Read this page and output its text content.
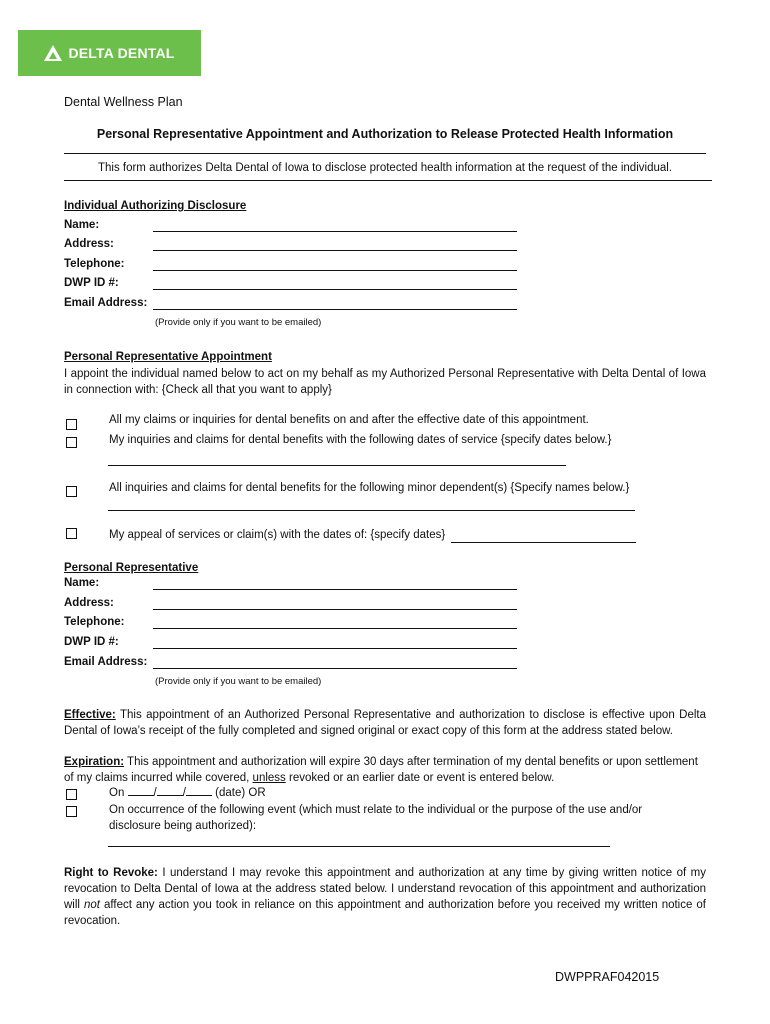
DELTA DENTAL
Dental Wellness Plan
Personal Representative Appointment and Authorization to Release Protected Health Information
This form authorizes Delta Dental of Iowa to disclose protected health information at the request of the individual.
Individual Authorizing Disclosure
Name:
Address:
Telephone:
DWP ID #:
Email Address:
(Provide only if you want to be emailed)
Personal Representative Appointment
I appoint the individual named below to act on my behalf as my Authorized Personal Representative with Delta Dental of Iowa in connection with: {Check all that you want to apply}
All my claims or inquiries for dental benefits on and after the effective date of this appointment.
My inquiries and claims for dental benefits with the following dates of service {specify dates below.}
All inquiries and claims for dental benefits for the following minor dependent(s) {Specify names below.}
My appeal of services or claim(s) with the dates of: {specify dates}
Personal Representative
Name:
Address:
Telephone:
DWP ID #:
Email Address:
(Provide only if you want to be emailed)
Effective: This appointment of an Authorized Personal Representative and authorization to disclose is effective upon Delta Dental of Iowa’s receipt of the fully completed and signed original or exact copy of this form at the address stated below.
Expiration: This appointment and authorization will expire 30 days after termination of my dental benefits or upon settlement of my claims incurred while covered, unless revoked or an earlier date or event is entered below.
On	/ /	(date) OR
On occurrence of the following event (which must relate to the individual or the purpose of the use and/or disclosure being authorized):
Right to Revoke: I understand I may revoke this appointment and authorization at any time by giving written notice of my revocation to Delta Dental of Iowa at the address stated below. I understand revocation of this appointment and authorization will not affect any action you took in reliance on this appointment and authorization before you received my written notice of revocation.
DWPPRAF042015
